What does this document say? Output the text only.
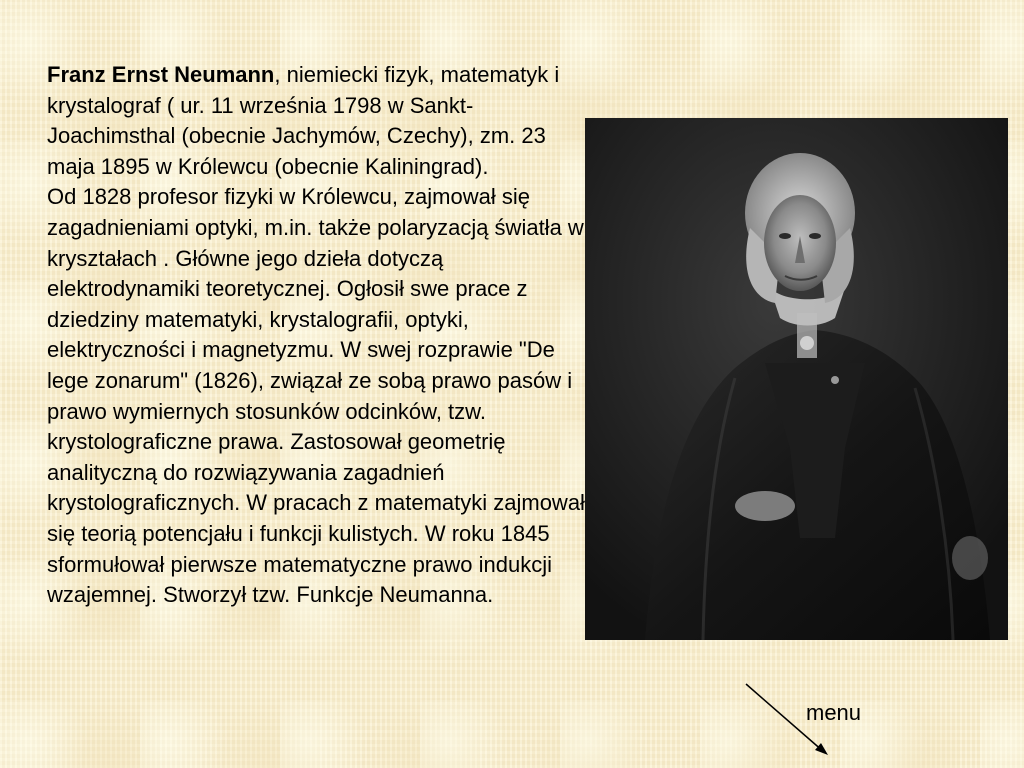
Franz Ernst Neumann, niemiecki fizyk, matematyk i krystalograf ( ur. 11 września 1798 w Sankt-Joachimsthal (obecnie Jachymów, Czechy), zm. 23 maja 1895 w Królewcu (obecnie Kaliningrad).

Od 1828 profesor fizyki w Królewcu, zajmował się zagadnieniami optyki, m.in. także polaryzacją światła w kryształach . Główne jego dzieła dotyczą elektrodynamiki teoretycznej. Ogłosił swe prace z dziedziny matematyki, krystalografii, optyki, elektryczności i magnetyzmu. W swej rozprawie "De lege zonarum" (1826), związał ze sobą prawo pasów i prawo wymiernych stosunków odcinków, tzw. krystolograficzne prawa. Zastosował geometrię analityczną do rozwiązywania zagadnień krystolograficznych. W pracach z matematyki zajmował się teorią potencjału i funkcji kulistych. W roku 1845 sformułował pierwsze matematyczne prawo indukcji wzajemnej. Stworzył tzw. Funkcje Neumanna.

menu
